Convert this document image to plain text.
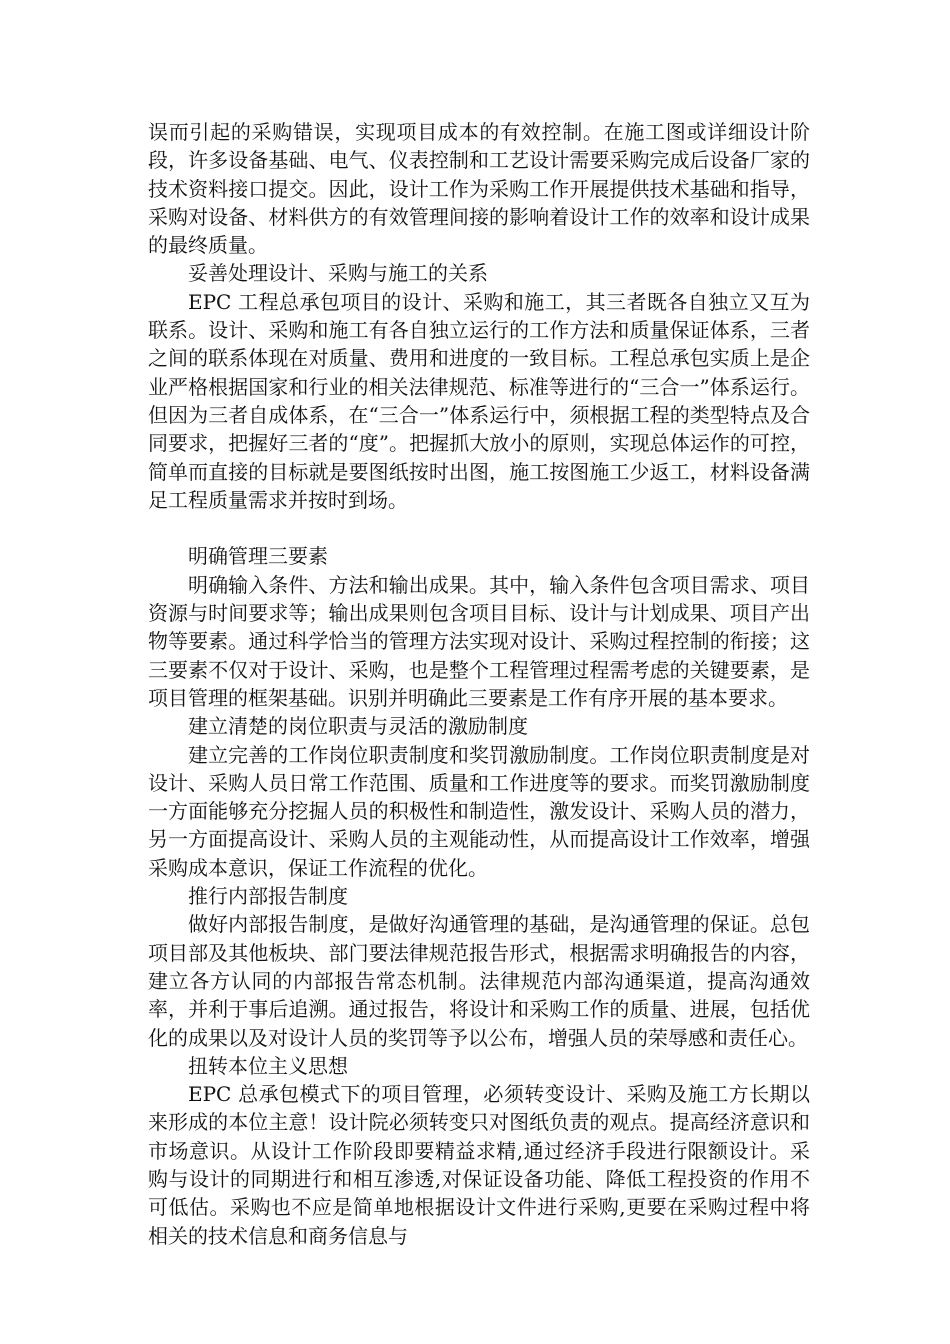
误而引起的采购错误，实现项目成本的有效控制。在施工图或详细设计阶段，许多设备基础、电气、仪表控制和工艺设计需要采购完成后设备厂家的技术资料接口提交。因此，设计工作为采购工作开展提供技术基础和指导，采购对设备、材料供方的有效管理间接的影响着设计工作的效率和设计成果的最终质量。

妥善处理设计、采购与施工的关系

EPC 工程总承包项目的设计、采购和施工，其三者既各自独立又互为联系。设计、采购和施工有各自独立运行的工作方法和质量保证体系，三者之间的联系体现在对质量、费用和进度的一致目标。工程总承包实质上是企业严格根据国家和行业的相关法律规范、标准等进行的“三合一”体系运行。但因为三者自成体系，在“三合一”体系运行中，须根据工程的类型特点及合同要求，把握好三者的“度”。把握抓大放小的原则，实现总体运作的可控，简单而直接的目标就是要图纸按时出图，施工按图施工少返工，材料设备满足工程质量需求并按时到场。

明确管理三要素

明确输入条件、方法和输出成果。其中，输入条件包含项目需求、项目资源与时间要求等；输出成果则包含项目目标、设计与计划成果、项目产出物等要素。通过科学恰当的管理方法实现对设计、采购过程控制的衔接；这三要素不仅对于设计、采购，也是整个工程管理过程需考虑的关键要素，是项目管理的框架基础。识别并明确此三要素是工作有序开展的基本要求。

建立清楚的岗位职责与灵活的激励制度

建立完善的工作岗位职责制度和奖罚激励制度。工作岗位职责制度是对设计、采购人员日常工作范围、质量和工作进度等的要求。而奖罚激励制度一方面能够充分挖掘人员的积极性和制造性，激发设计、采购人员的潜力，另一方面提高设计、采购人员的主观能动性，从而提高设计工作效率，增强采购成本意识，保证工作流程的优化。

推行内部报告制度

做好内部报告制度，是做好沟通管理的基础，是沟通管理的保证。总包项目部及其他板块、部门要法律规范报告形式，根据需求明确报告的内容，建立各方认同的内部报告常态机制。法律规范内部沟通渠道，提高沟通效率，并利于事后追溯。通过报告，将设计和采购工作的质量、进展，包括优化的成果以及对设计人员的奖罚等予以公布，增强人员的荣辱感和责任心。

扭转本位主义思想

EPC 总承包模式下的项目管理，必须转变设计、采购及施工方长期以来形成的本位主意！设计院必须转变只对图纸负责的观点。提高经济意识和市场意识。从设计工作阶段即要精益求精,通过经济手段进行限额设计。采购与设计的同期进行和相互渗透,对保证设备功能、降低工程投资的作用不可低估。采购也不应是简单地根据设计文件进行采购,更要在采购过程中将相关的技术信息和商务信息与
